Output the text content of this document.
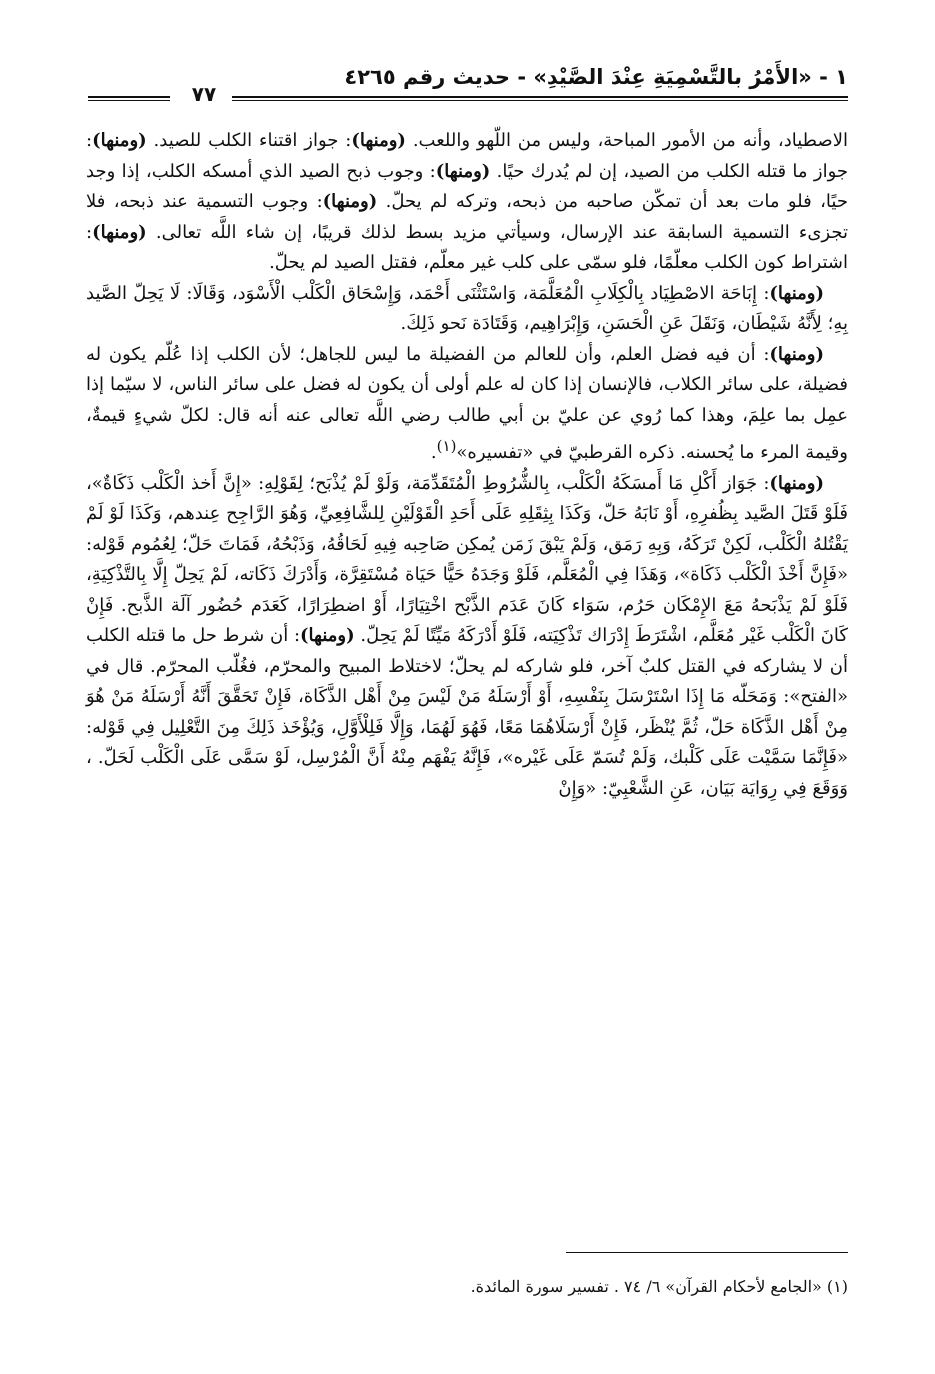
١ - «الأَمْرُ بالتَّسْمِيَةِ عِنْدَ الصَّيْدِ» - حديث رقم ٤٢٦٥
٧٧

الاصطياد، وأنه من الأمور المباحة، وليس من اللّهو واللعب. (ومنها): جواز اقتناء الكلب للصيد. (ومنها): جواز ما قتله الكلب من الصيد، إن لم يُدرك حيًا. (ومنها): وجوب ذبح الصيد الذي أمسكه الكلب، إذا وجد حيًا، فلو مات بعد أن تمكّن صاحبه من ذبحه، وتركه لم يحلّ. (ومنها): وجوب التسمية عند ذبحه، فلا تجزىء التسمية السابقة عند الإرسال، وسيأتي مزيد بسط لذلك قريبًا، إن شاء اللَّه تعالى. (ومنها): اشتراط كون الكلب معلّمًا، فلو سمّى على كلب غير معلّم، فقتل الصيد لم يحلّ.

(ومنها): إِبَاحَة الاصْطِيَاد بِالْكِلَابِ الْمُعَلَّمَة، وَاسْتَثْنَى أَحْمَد، وَإِسْحَاق الْكَلْب الْأَسْوَد، وَقَالَا: لَا يَحِلّ الصَّيد بِهِ؛ لِأَنَّهُ شَيْطَان، وَنَقَلَ عَنِ الْحَسَنِ، وَإِبْرَاهِيم، وَقَتَادَة نَحو ذَلِكَ.

(ومنها): أن فيه فضل العلم، وأن للعالم من الفضيلة ما ليس للجاهل؛ لأن الكلب إذا عُلّم يكون له فضيلة، على سائر الكلاب، فالإنسان إذا كان له علم أولى أن يكون له فضل على سائر الناس، لا سيّما إذا عمِل بما علِمَ، وهذا كما رُوي عن عليّ بن أبي طالب رضي اللَّه تعالى عنه أنه قال: لكلّ شيءٍ قيمةٌ، وقيمة المرء ما يُحسنه. ذكره القرطبيّ في «تفسيره»$^{(١)}$.

(ومنها): جَوَاز أَكْلِ مَا أَمسَكَهُ الْكَلْب، بِالشُّرُوطِ الْمُتَقَدِّمَة، وَلَوْ لَمْ يُذْبَح؛ لِقَوْلِهِ: «إِنَّ أَخذ الْكَلْب ذَكَاةٌ»، فَلَوْ قَتَلَ الصَّيد بِظُفرِهِ، أَوْ نَابَهُ حَلّ، وَكَذَا بِثِقَلِهِ عَلَى أَحَدِ الْقَوْلَيْنِ لِلشَّافِعِيِّ، وَهُوَ الرَّاجِح عِندهم، وَكَذَا لَوْ لَمْ يَقْتُلهُ الْكَلْب، لَكِنْ تَرَكَهُ، وَبِهِ رَمَق، وَلَمْ يَبْقَ زَمَن يُمكِن صَاحِبه فِيهِ لَحَاقُهُ، وَذَبْحُهُ، فَمَاتَ حَلّ؛ لِعُمُوم قَوْله: «فَإِنَّ أَخْذَ الْكَلْب ذَكَاة»، وَهَذَا فِي الْمُعَلَّم، فَلَوْ وَجَدَهُ حَيًّا حَيَاة مُسْتَقِرَّة، وَأَدْرَكَ ذَكَاته، لَمْ يَحِلّ إِلَّا بِالتَّذْكِيَةِ، فَلَوْ لَمْ يَذْبَحهُ مَعَ الإِمْكَان حَرُم، سَوَاء كَانَ عَدَم الذَّبْح اخْتِيَارًا، أَوْ اضطِرَارًا، كَعَدَم حُضُور آلَة الذَّبح. فَإِنْ كَانَ الْكَلْب غَيْر مُعَلَّم، اشْتَرَطَ إِدْرَاك تَذْكِيَته، فَلَوْ أَدْرَكَهُ مَيِّتًا لَمْ يَحِلّ. (ومنها): أن شرط حل ما قتله الكلب أن لا يشاركه في القتل كلبٌ آخر، فلو شاركه لم يحلّ؛ لاختلاط المبيح والمحرّم، فغُلّب المحرّم. قال في «الفتح»: وَمَحَلّه مَا إِذَا اسْتَرْسَلَ بِنَفْسِهِ، أَوْ أَرْسَلَهُ مَنْ لَيْسَ مِنْ أَهْل الذَّكَاة، فَإِنْ تَحَقَّقَ أَنَّهُ أَرْسَلَهُ مَنْ هُوَ مِنْ أَهْل الذَّكَاة حَلّ، ثُمَّ يُنْظَر، فَإِنْ أَرْسَلَاهُمَا مَعًا، فَهُوَ لَهُمَا، وَإِلَّا فَلِلْأَوَّلِ، وَيُؤْخَذ ذَلِكَ مِنَ التَّعْلِيل فِي قَوْله: «فَإِنَّمَا سَمَّيْت عَلَى كَلْبك، وَلَمْ تُسَمّ عَلَى غَيْره»، فَإِنَّهُ يَفْهَم مِنْهُ أَنَّ الْمُرْسِل، لَوْ سَمَّى عَلَى الْكَلْب لَحَلّ. ، وَوَقَعَ فِي رِوَايَة بَيَان، عَنِ الشَّعْبِيّ: «وَإِنْ

(١) «الجامع لأحكام القرآن» ٦/ ٧٤ . تفسير سورة المائدة.
